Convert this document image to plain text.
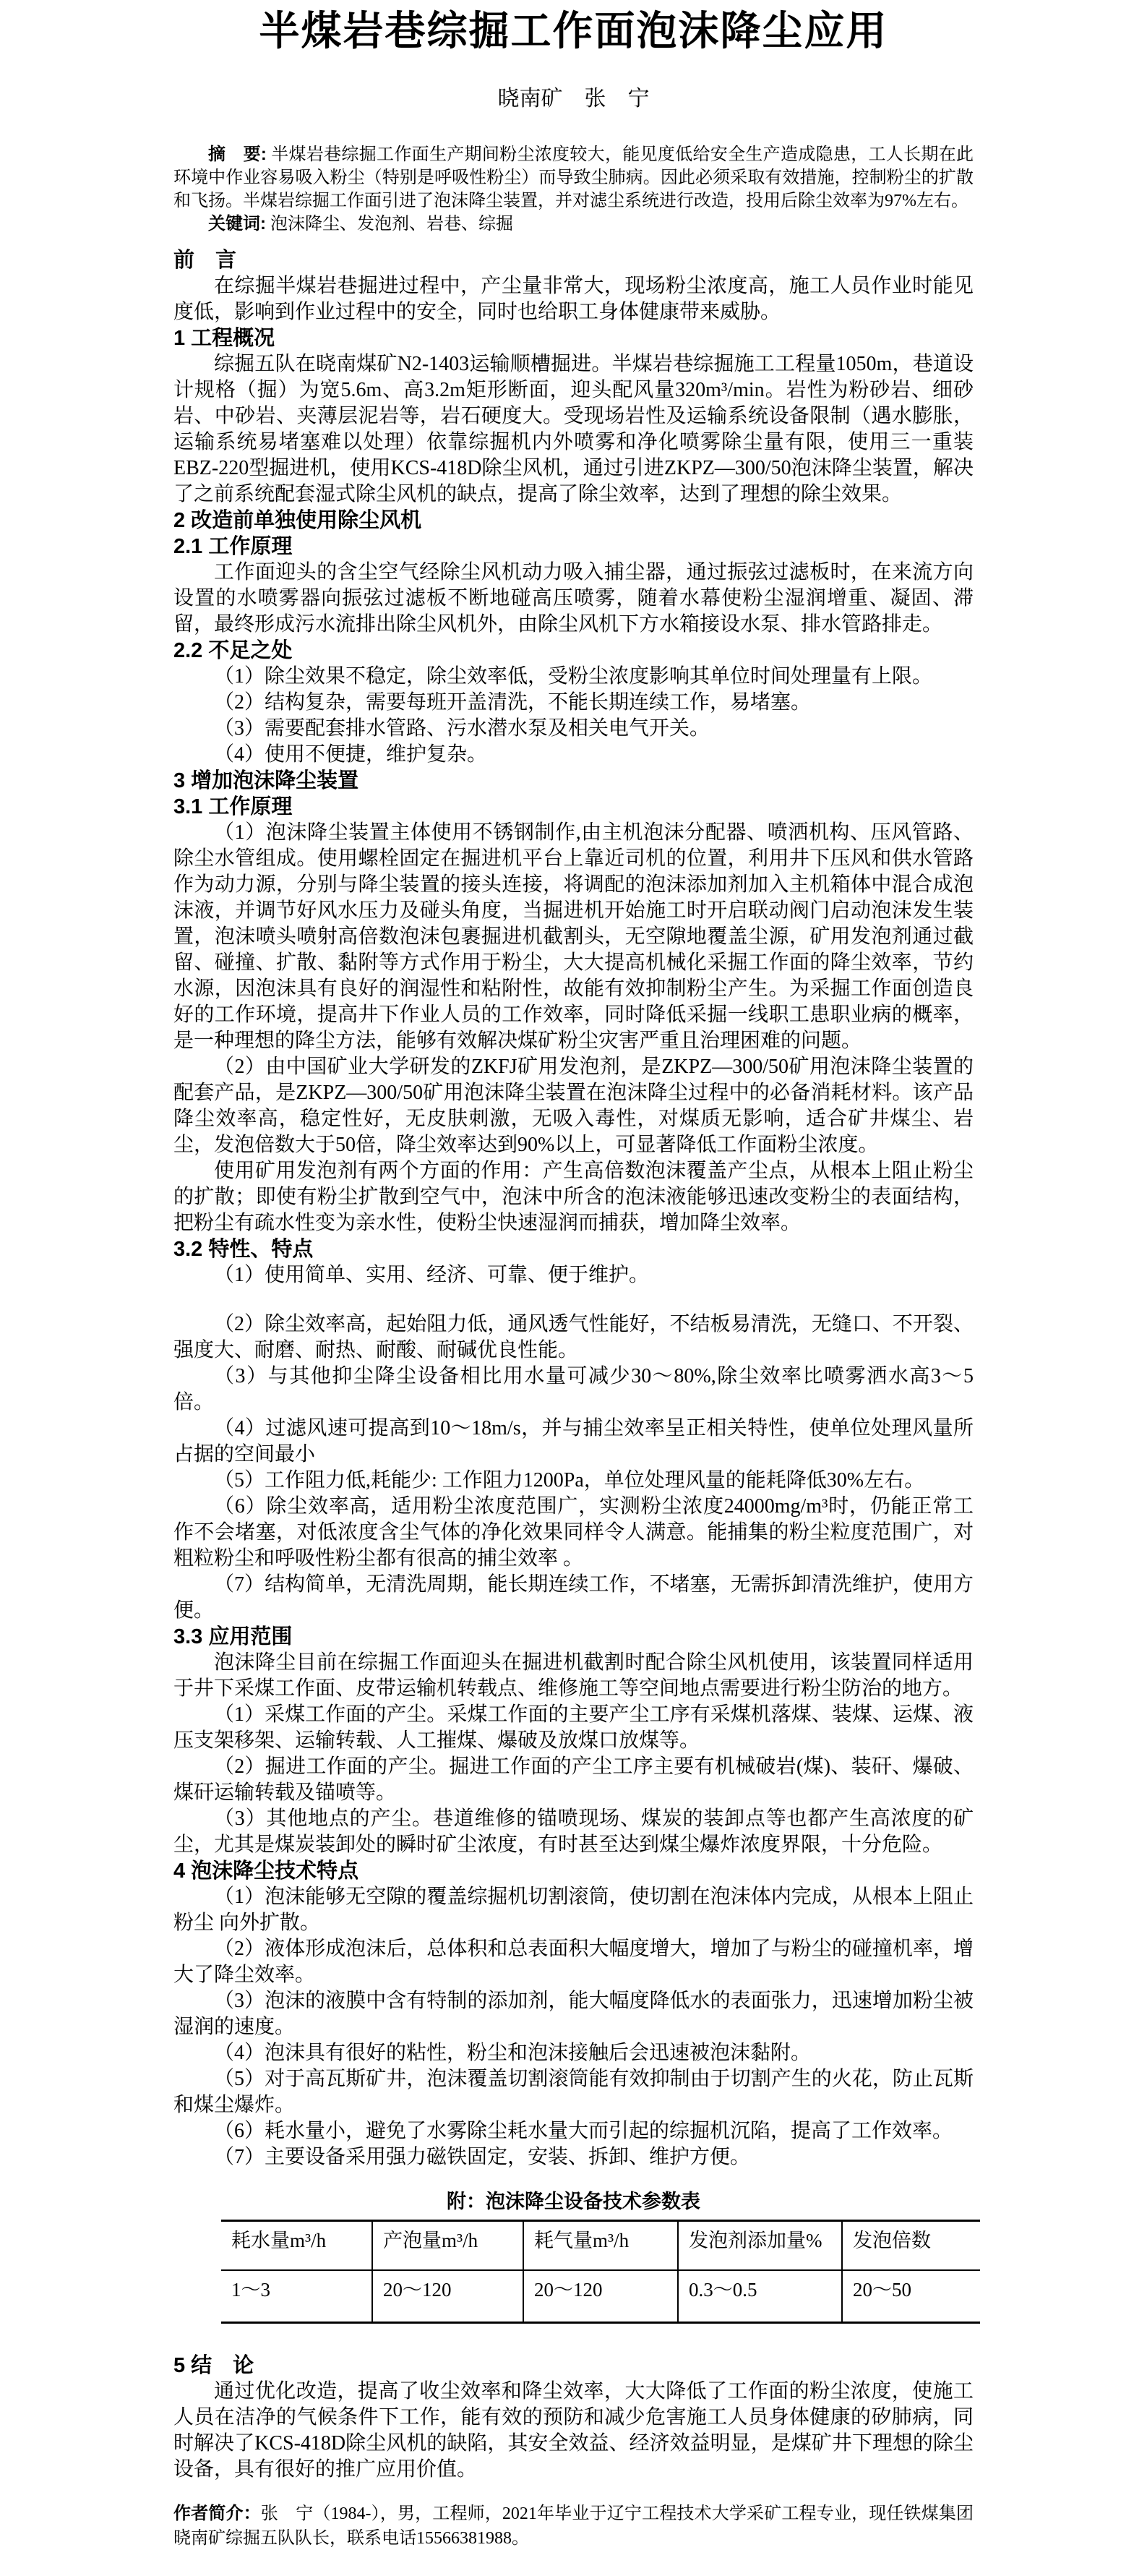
半煤岩巷综掘工作面泡沫降尘应用
晓南矿　张　宁

摘　要: 半煤岩巷综掘工作面生产期间粉尘浓度较大，能见度低给安全生产造成隐患，工人长期在此环境中作业容易吸入粉尘（特别是呼吸性粉尘）而导致尘肺病。因此必须采取有效措施，控制粉尘的扩散和飞扬。半煤岩综掘工作面引进了泡沫降尘装置，并对滤尘系统进行改造，投用后除尘效率为97%左右。

关键词: 泡沫降尘、发泡剂、岩巷、综掘

前　言

在综掘半煤岩巷掘进过程中，产尘量非常大，现场粉尘浓度高，施工人员作业时能见度低，影响到作业过程中的安全，同时也给职工身体健康带来威胁。

1 工程概况

综掘五队在晓南煤矿N2-1403运输顺槽掘进。半煤岩巷综掘施工工程量1050m，巷道设计规格（掘）为宽5.6m、高3.2m矩形断面，迎头配风量320m³/min。岩性为粉砂岩、细砂岩、中砂岩、夹薄层泥岩等，岩石硬度大。受现场岩性及运输系统设备限制（遇水膨胀，运输系统易堵塞难以处理）依靠综掘机内外喷雾和净化喷雾除尘量有限，使用三一重装EBZ-220型掘进机，使用KCS-418D除尘风机，通过引进ZKPZ—300/50泡沫降尘装置，解决了之前系统配套湿式除尘风机的缺点，提高了除尘效率，达到了理想的除尘效果。

2 改造前单独使用除尘风机
2.1 工作原理

工作面迎头的含尘空气经除尘风机动力吸入捕尘器，通过振弦过滤板时，在来流方向设置的水喷雾器向振弦过滤板不断地碰高压喷雾，随着水幕使粉尘湿润增重、凝固、滞留，最终形成污水流排出除尘风机外，由除尘风机下方水箱接设水泵、排水管路排走。

2.2 不足之处

（1）除尘效果不稳定，除尘效率低，受粉尘浓度影响其单位时间处理量有上限。

（2）结构复杂，需要每班开盖清洗，不能长期连续工作，易堵塞。

（3）需要配套排水管路、污水潜水泵及相关电气开关。

（4）使用不便捷，维护复杂。

3 增加泡沫降尘装置
3.1 工作原理

（1）泡沫降尘装置主体使用不锈钢制作,由主机泡沫分配器、喷洒机构、压风管路、除尘水管组成。使用螺栓固定在掘进机平台上靠近司机的位置，利用井下压风和供水管路作为动力源，分别与降尘装置的接头连接，将调配的泡沫添加剂加入主机箱体中混合成泡沫液，并调节好风水压力及碰头角度，当掘进机开始施工时开启联动阀门启动泡沫发生装置，泡沫喷头喷射高倍数泡沫包裹掘进机截割头，无空隙地覆盖尘源，矿用发泡剂通过截留、碰撞、扩散、黏附等方式作用于粉尘，大大提高机械化采掘工作面的降尘效率，节约水源，因泡沫具有良好的润湿性和粘附性，故能有效抑制粉尘产生。为采掘工作面创造良好的工作环境，提高井下作业人员的工作效率，同时降低采掘一线职工患职业病的概率，是一种理想的降尘方法，能够有效解决煤矿粉尘灾害严重且治理困难的问题。

（2）由中国矿业大学研发的ZKFJ矿用发泡剂，是ZKPZ—300/50矿用泡沫降尘装置的配套产品，是ZKPZ—300/50矿用泡沫降尘装置在泡沫降尘过程中的必备消耗材料。该产品降尘效率高，稳定性好，无皮肤刺激，无吸入毒性，对煤质无影响，适合矿井煤尘、岩尘，发泡倍数大于50倍，降尘效率达到90%以上，可显著降低工作面粉尘浓度。

使用矿用发泡剂有两个方面的作用：产生高倍数泡沫覆盖产尘点，从根本上阻止粉尘的扩散；即使有粉尘扩散到空气中，泡沫中所含的泡沫液能够迅速改变粉尘的表面结构，把粉尘有疏水性变为亲水性，使粉尘快速湿润而捕获，增加降尘效率。

3.2 特性、特点

（1）使用简单、实用、经济、可靠、便于维护。

（2）除尘效率高，起始阻力低，通风透气性能好，不结板易清洗，无缝口、不开裂、强度大、耐磨、耐热、耐酸、耐碱优良性能。

（3）与其他抑尘降尘设备相比用水量可减少30～80%,除尘效率比喷雾洒水高3～5倍。

（4）过滤风速可提高到10～18m/s，并与捕尘效率呈正相关特性，使单位处理风量所占据的空间最小

（5）工作阻力低,耗能少: 工作阻力1200Pa，单位处理风量的能耗降低30%左右。

（6）除尘效率高，适用粉尘浓度范围广，实测粉尘浓度24000mg/m³时，仍能正常工作不会堵塞，对低浓度含尘气体的净化效果同样令人满意。能捕集的粉尘粒度范围广，对粗粒粉尘和呼吸性粉尘都有很高的捕尘效率 。

（7）结构简单，无清洗周期，能长期连续工作，不堵塞，无需拆卸清洗维护，使用方便。

3.3 应用范围

泡沫降尘目前在综掘工作面迎头在掘进机截割时配合除尘风机使用，该装置同样适用于井下采煤工作面、皮带运输机转载点、维修施工等空间地点需要进行粉尘防治的地方。

（1）采煤工作面的产尘。采煤工作面的主要产尘工序有采煤机落煤、装煤、运煤、液压支架移架、运输转载、人工摧煤、爆破及放煤口放煤等。

（2）掘进工作面的产尘。掘进工作面的产尘工序主要有机械破岩(煤)、装矸、爆破、煤矸运输转载及锚喷等。

（3）其他地点的产尘。巷道维修的锚喷现场、煤炭的装卸点等也都产生高浓度的矿尘，尤其是煤炭装卸处的瞬时矿尘浓度，有时甚至达到煤尘爆炸浓度界限，十分危险。

4 泡沫降尘技术特点

（1）泡沫能够无空隙的覆盖综掘机切割滚筒，使切割在泡沫体内完成，从根本上阻止粉尘 向外扩散。

（2）液体形成泡沫后，总体积和总表面积大幅度增大，增加了与粉尘的碰撞机率，增大了降尘效率。

（3）泡沫的液膜中含有特制的添加剂，能大幅度降低水的表面张力，迅速增加粉尘被湿润的速度。

（4）泡沫具有很好的粘性，粉尘和泡沫接触后会迅速被泡沫黏附。

（5）对于高瓦斯矿井，泡沫覆盖切割滚筒能有效抑制由于切割产生的火花，防止瓦斯和煤尘爆炸。

（6）耗水量小，避免了水雾除尘耗水量大而引起的综掘机沉陷，提高了工作效率。

（7）主要设备采用强力磁铁固定，安装、拆卸、维护方便。

附：泡沫降尘设备技术参数表
耗水量m³/h	产泡量m³/h	耗气量m³/h	发泡剂添加量%	发泡倍数
1～3	20～120	20～120	0.3～0.5	20～50
5 结　论

通过优化改造，提高了收尘效率和降尘效率，大大降低了工作面的粉尘浓度，使施工人员在洁净的气候条件下工作，能有效的预防和减少危害施工人员身体健康的矽肺病，同时解决了KCS-418D除尘风机的缺陷，其安全效益、经济效益明显，是煤矿井下理想的除尘设备，具有很好的推广应用价值。

作者简介：张　宁（1984-），男，工程师，2021年毕业于辽宁工程技术大学采矿工程专业，现任铁煤集团晓南矿综掘五队队长，联系电话15566381988。
